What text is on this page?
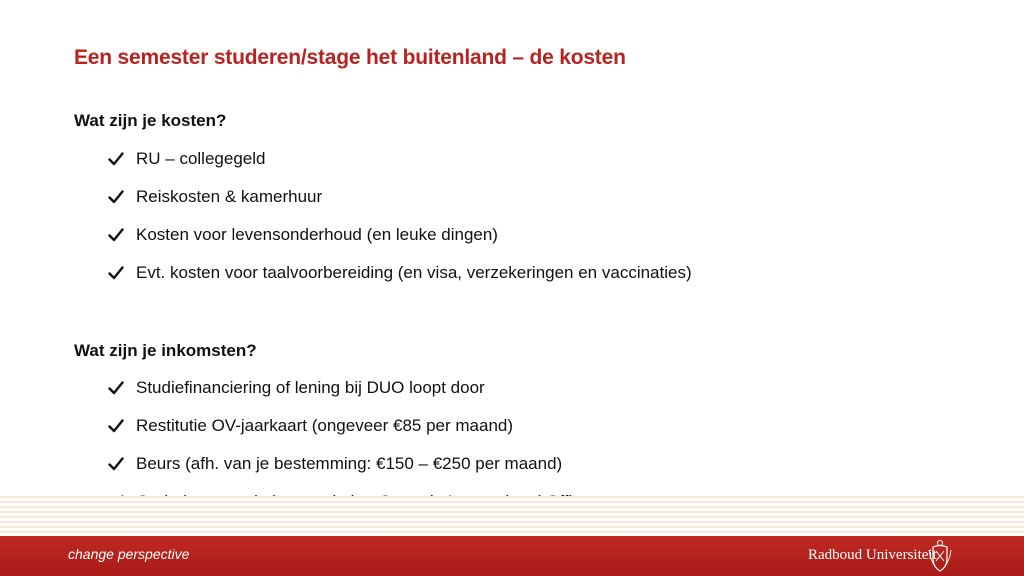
Een semester studeren/stage het buitenland – de kosten
Wat zijn je kosten?
RU – collegegeld
Reiskosten & kamerhuur
Kosten voor levensonderhoud (en leuke dingen)
Evt. kosten voor taalvoorbereiding (en visa, verzekeringen en vaccinaties)
Wat zijn je inkomsten?
Studiefinanciering of lening bij DUO loopt door
Restitutie OV-jaarkaart (ongeveer €85 per maand)
Beurs (afh. van je bestemming: €150 – €250 per maand)
change perspective	Radboud Universiteit
